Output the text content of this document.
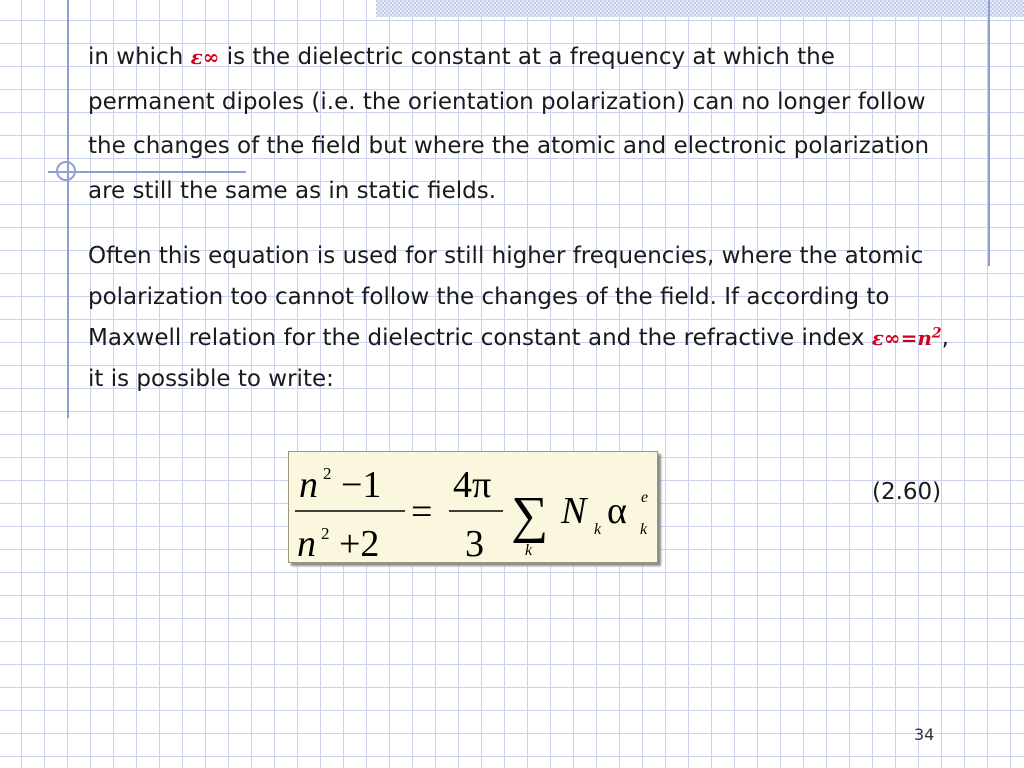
in which ε∞ is the dielectric constant at a frequency at which the permanent dipoles (i.e. the orientation polarization) can no longer follow the changes of the field but where the atomic and electronic polarization are still the same as in static fields.

Often this equation is used for still higher frequencies, where the atomic polarization too cannot follow the changes of the field. If according to Maxwell relation for the dielectric constant and the refractive index $\varepsilon\infty=n^2$, it is possible to write:

n 2 −1
n 2 +2
=
4π
3 ∑
k
N k α k
e	(2.60)
34
